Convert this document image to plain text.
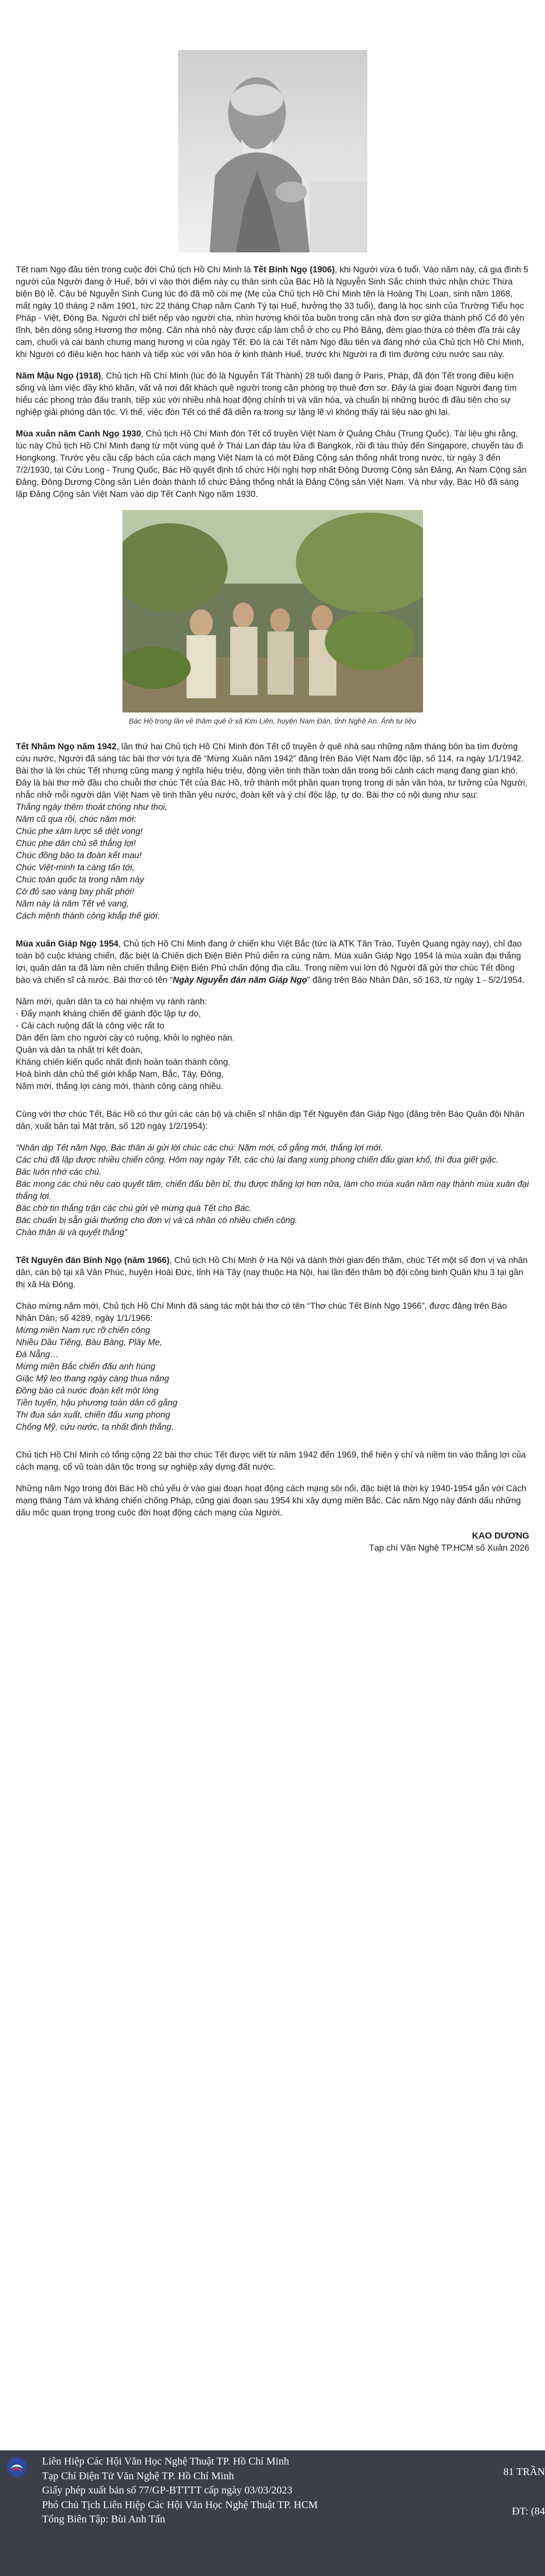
Tết nam Ngọ đầu tiên trong cuộc đời Chủ tịch Hồ Chí Minh là Tết Bính Ngọ (1906), khi Người vừa 6 tuổi. Vào năm này, cả gia đình 5 người của Người đang ở Huế, bởi vì vào thời điểm này cụ thân sinh của Bác Hồ là Nguyễn Sinh Sắc chính thức nhận chức Thừa biện Bộ lễ. Cậu bé Nguyễn Sinh Cung lúc đó đã mồ côi mẹ (Mẹ của Chủ tịch Hồ Chí Minh tên là Hoàng Thị Loan, sinh năm 1868, mất ngày 10 tháng 2 năm 1901, tức 22 tháng Chạp năm Canh Tý tại Huế, hưởng thọ 33 tuổi), đang là học sinh của Trường Tiểu học Pháp - Việt, Đông Ba. Người chỉ biết nếp vào người cha, nhìn hương khói tỏa buồn trong căn nhà đơn sơ giữa thành phố Cố đô yên tĩnh, bên dòng sông Hương thơ mộng. Căn nhà nhỏ này được cấp làm chỗ ở cho cụ Phó Bảng, đèm giao thừa có thêm đĩa trái cây cam, chuối và cái bánh chưng mang hương vị của ngày Tết. Đó là cái Tết năm Ngọ đầu tiên và đáng nhớ của Chủ tịch Hồ Chí Minh, khi Người có điều kiện học hành và tiếp xúc với văn hóa ở kinh thành Huế, trước khi Người ra đi tìm đường cứu nước sau này.

Năm Mậu Ngọ (1918), Chủ tịch Hồ Chí Minh (lúc đó là Nguyễn Tất Thành) 28 tuổi đang ở Paris, Pháp, đã đón Tết trong điều kiện sống và làm việc đầy khó khăn, vất vả nơi đất khách quê người trong căn phòng trọ thuê đơn sơ. Đây là giai đoạn Người đang tìm hiểu các phong trào đấu tranh, tiếp xúc với nhiều nhà hoạt động chính trị và văn hóa, và chuẩn bị những bước đi đầu tiên cho sự nghiệp giải phóng dân tộc. Vì thế, việc đón Tết có thể đã diễn ra trong sự lặng lẽ vì không thấy tài liệu nào ghi lại.

Mùa xuân năm Canh Ngọ 1930, Chủ tịch Hồ Chí Minh đón Tết cổ truyền Việt Nam ở Quảng Châu (Trung Quốc). Tài liệu ghi rằng, lúc này Chủ tịch Hồ Chí Minh đang từ một vùng quê ở Thái Lan đáp tàu lửa đi Bangkok, rồi đi tàu thủy đến Singapore, chuyển tàu đi Hongkong. Trước yêu cầu cấp bách của cách mạng Việt Nam là có một Đảng Cộng sản thống nhất trong nước, từ ngày 3 đến 7/2/1930, tại Cửu Long - Trung Quốc, Bác Hồ quyết định tổ chức Hội nghị hợp nhất Đông Dương Cộng sản Đảng, An Nam Cộng sản Đảng, Đông Dương Cộng sản Liên đoàn thành tổ chức Đảng thống nhất là Đảng Cộng sản Việt Nam. Và như vậy, Bác Hồ đã sáng lập Đảng Cộng sản Việt Nam vào dịp Tết Canh Ngọ năm 1930.

Bác Hồ trong lần về thăm quê ở xã Kim Liên, huyện Nam Đàn, tỉnh Nghệ An. Ảnh tư liệu

Tết Nhâm Ngọ năm 1942, lần thứ hai Chủ tịch Hồ Chí Minh đón Tết cổ truyền ở quê nhà sau những năm tháng bôn ba tìm đường cứu nước, Người đã sáng tác bài thơ với tựa đề “Mừng Xuân năm 1942” đăng trên Báo Việt Nam độc lập, số 114, ra ngày 1/1/1942. Bài thơ là lời chúc Tết nhưng cũng mang ý nghĩa hiệu triệu, động viên tinh thần toàn dân trong bối cảnh cách mạng đang gian khó. Đây là bài thơ mở đầu cho chuỗi thơ chúc Tết của Bác Hồ, trở thành một phần quan trọng trong di sản văn hóa, tư tưởng của Người, nhắc nhở mỗi người dân Việt Nam về tinh thần yêu nước, đoàn kết và ý chí độc lập, tự do. Bài thơ có nội dung như sau:

Thắng ngày thêm thoát chóng như thoi,
Năm cũ qua rồi, chúc năm mới:
Chúc phe xâm lược sẽ diệt vong!
Chúc phe dân chủ sẽ thắng lợi!
Chúc đồng bào ta đoàn kết mau!
Chúc Việt-minh ta càng tấn tới,
Chúc toàn quốc ta trong năm này
Cờ đỏ sao vàng bay phất phới!
Năm này là năm Tết vẻ vang,
Cách mệnh thành công khắp thế giới.

Mùa xuân Giáp Ngọ 1954, Chủ tịch Hồ Chí Minh đang ở chiến khu Việt Bắc (tức là ATK Tân Trào, Tuyên Quang ngày nay), chỉ đạo toàn bộ cuộc kháng chiến, đặc biệt là Chiến dịch Điện Biên Phủ diễn ra cùng năm. Mùa xuân Giáp Ngọ 1954 là mùa xuân đại thắng lợi, quân dân ta đã làm nên chiến thắng Điện Biên Phủ chấn động địa cầu. Trong niềm vui lớn đó Người đã gửi thơ chúc Tết đồng bào và chiến sĩ cả nước. Bài thơ có tên “Ngày Nguyễn đán năm Giáp Ngọ” đăng trên Báo Nhân Dân, số 163, từ ngày 1 - 5/2/1954.

Năm mới, quân dân ta có hai nhiệm vụ rành rành:
- Đẩy mạnh kháng chiến để giành độc lập tự do,
- Cải cách ruộng đất là công việc rất to
Dân đến làm cho người cày có ruộng, khỏi lo nghèo nàn.
Quân và dân ta nhất trí kết đoàn,
Kháng chiến kiến quốc nhất định hoàn toàn thành công.
Hoà bình dân chủ thế giới khắp Nam, Bắc, Tây, Đông,
Năm mới, thắng lợi càng mới, thành công càng nhiều.

Cùng với thơ chúc Tết, Bác Hồ có thư gửi các cán bộ và chiến sĩ nhân dịp Tết Nguyên đán Giáp Ngọ (đăng trên Báo Quân đội Nhân dân, xuất bản tại Mặt trận, số 120 ngày 1/2/1954):

“Nhân dịp Tết năm Ngọ, Bác thân ái gửi lời chúc các chú: Năm mới, cố gắng mới, thắng lợi mới.
Các chú đã lập được nhiều chiến công. Hôm nay ngày Tết, các chú lại đang xung phong chiến đấu gian khổ, thì đua giết giặc.
Bác luôn nhớ các chú.
Bác mong các chú nêu cao quyết tâm, chiến đấu bền bỉ, thu được thắng lợi hơn nữa, làm cho mùa xuân năm nay thành mùa xuân đại thắng lợi.
Bác chờ tin thắng trận các chú gửi về mừng quà Tết cho Bác.
Bác chuẩn bị sẵn giải thưởng cho đơn vị và cá nhân có nhiều chiến công.
Chào thân ái và quyết thắng”

Tết Nguyên đán Bính Ngọ (năm 1966), Chủ tịch Hồ Chí Minh ở Hà Nội và dành thời gian đến thăm, chúc Tết một số đơn vị và nhân dân, cán bộ tại xã Văn Phúc, huyện Hoài Đức, tỉnh Hà Tây (nay thuộc Hà Nội, hai lần đến thăm bộ đội công binh Quân khu 3 tại gần thị xã Hà Đông.

Chào mừng năm mới, Chủ tịch Hồ Chí Minh đã sáng tác một bài thơ có tên “Thơ chúc Tết Bính Ngọ 1966”, được đăng trên Báo Nhân Dân, số 4289, ngày 1/1/1966:

Mừng miền Nam rực rỡ chiến công
Nhiều Dầu Tiếng, Bàu Bàng, Plây Me,
Đà Nẵng…
Mừng miền Bắc chiến đấu anh hùng
Giặc Mỹ leo thang ngày càng thua nặng
Đồng bào cả nước đoàn kết một lòng
Tiền tuyến, hậu phương toàn dân cố gắng
Thi đua sản xuất, chiến đấu xung phong
Chống Mỹ, cứu nước, ta nhất định thắng.

Chủ tịch Hồ Chí Minh có tổng cộng 22 bài thơ chúc Tết được viết từ năm 1942 đến 1969, thể hiện ý chí và niềm tin vào thắng lợi của cách mạng, cổ vũ toàn dân tộc trong sự nghiệp xây dựng đất nước.

Những năm Ngọ trong đời Bác Hồ chủ yếu ở vào giai đoạn hoạt động cách mạng sôi nổi, đặc biệt là thời kỳ 1940-1954 gắn với Cách mạng tháng Tám và kháng chiến chống Pháp, cũng giai đoạn sau 1954 khi xây dựng miền Bắc. Các năm Ngọ này đánh dấu những dấu mốc quan trọng trong cuộc đời hoạt động cách mạng của Người.

KAO DƯƠNG
Tạp chí Văn Nghệ TP.HCM số Xuân 2026
Liên Hiệp Các Hội Văn Học Nghệ Thuật TP. Hồ Chí Minh
Tạp Chí Điện Tử Văn Nghệ TP. Hồ Chí Minh
Giấy phép xuất bản số 77/GP-BTTTT cấp ngày 03/03/2023
Phó Chủ Tịch Liên Hiệp Các Hội Văn Học Nghệ Thuật TP. HCM
Tổng Biên Tập: Bùi Anh Tấn
81 TRẦN
ĐT: (84
